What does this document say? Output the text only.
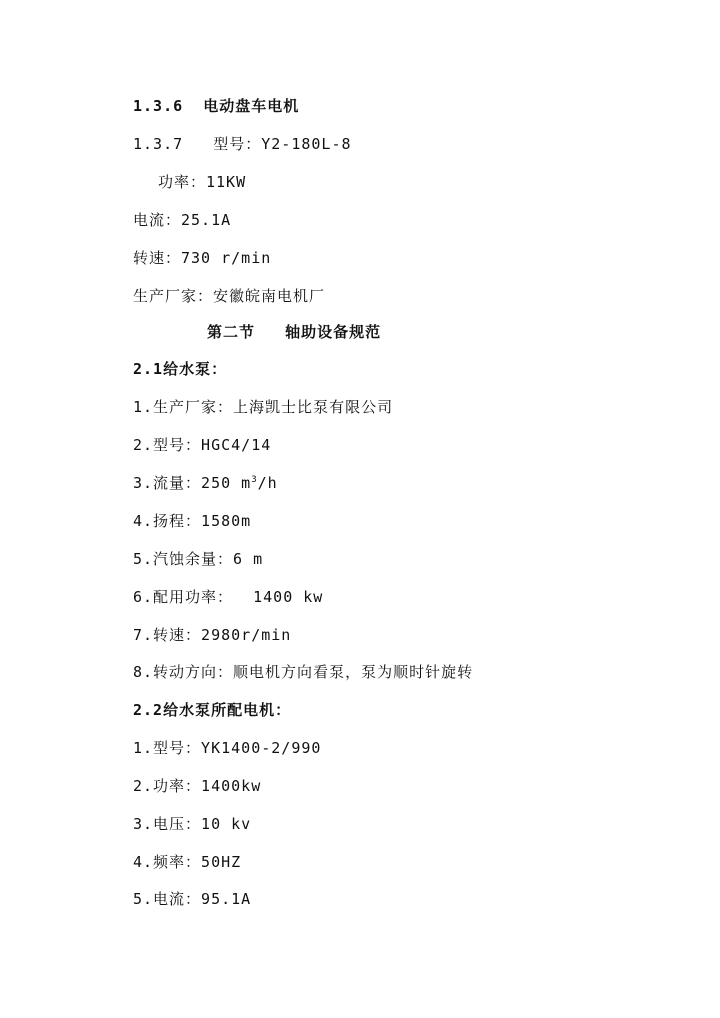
1.3.6  电动盘车电机
1.3.7   型号：Y2-180L-8
功率：11KW
电流：25.1A
转速：730 r/min
生产厂家：安徽皖南电机厂
第二节   轴助设备规范
2.1给水泵：
1.生产厂家：上海凯士比泵有限公司
2.型号：HGC4/14
3.流量：250 $m^3/h$
4.扬程：1580m
5.汽蚀余量：6 m
6.配用功率：  1400 kw
7.转速：2980r/min
8.转动方向：顺电机方向看泵，泵为顺时针旋转
2.2给水泵所配电机：
1.型号：YK1400-2/990
2.功率：1400kw
3.电压：10 kv
4.频率：50HZ
5.电流：95.1A
